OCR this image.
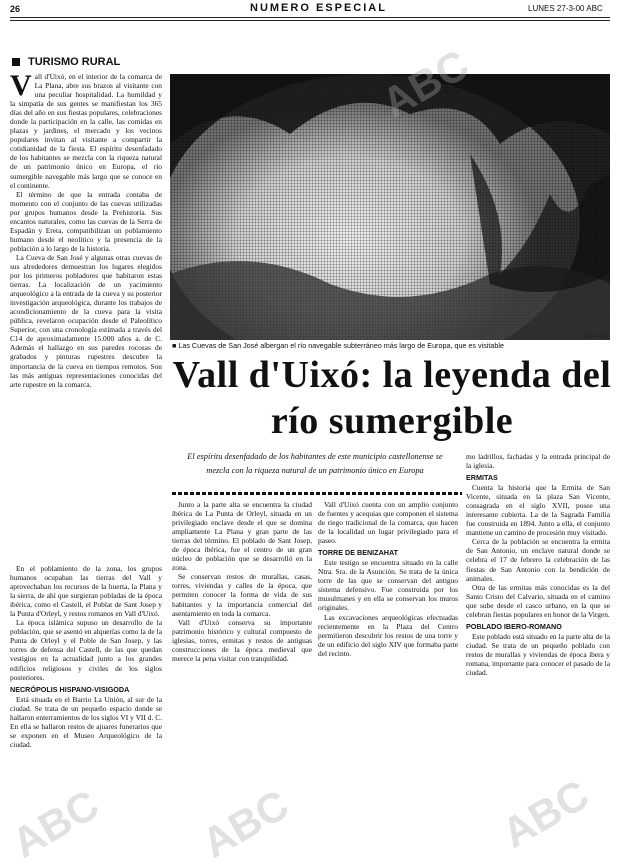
26	NUMERO ESPECIAL	LUNES 27-3-00 ABC
TURISMO RURAL

Vall d'Uixó, en el interior de la comarca de La Plana, abre sus brazos al visitante con una peculiar hospitalidad. La humildad y la simpatía de sus gentes se manifiestan los 365 días del año en sus fiestas populares, celebraciones donde la participación en la calle, las comidas en plazas y jardines, el mercado y los vecinos populares invitan al visitante a compartir la cotidianidad de la fiesta. El espíritu desenfadado de los habitantes se mezcla con la riqueza natural de un patrimonio único en Europa, el río sumergible navegable más largo que se conoce en el continente.

El término de que la entrada contaba de momento con el conjunto de las cuevas utilizadas por grupos humanos desde la Prehistoria. Sus encantos naturales, como las cuevas de la Serra de Espadán y Ereta, compatibilizan un poblamiento humano desde el neolítico y la presencia de la población a lo largo de la historia.

La Cueva de San José y algunas otras cuevas de sus alrededores demuestran los lugares elegidos por los primeros pobladores que habitaron estas tierras. La localización de un yacimiento arqueológico a la entrada de la cueva y su posterior investigación arqueológica, durante los trabajos de acondicionamiento de la cueva para la visita pública, revelaron ocupación desde el Paleolítico Superior, con una cronología estimada a través del C14 de aproximadamente 15.000 años a. de C. Además el hallazgo en sus paredes rocosas de grabados y pinturas rupestres descubre la importancia de la cueva en tiempos remotos. Son las más antiguas representaciones conocidas del arte rupestre en la comarca.

En el poblamiento de la zona, los grupos humanos ocupaban las tierras del Vall y aprovechaban los recursos de la huerta, la Plana y la sierra, de ahí que surgieran pobladas de la época ibérica, como el Castell, el Poblat de Sant Josep y la Punta d'Orleyl, y restos romanos en Vall d'Uixó.

La época islámica supuso un desarrollo de la población, que se asentó en alquerías como la de la Punta de Orleyl y el Poble de San Josep, y las torres de defensa del Castell, de las que quedan vestigios en la actualidad junto a los grandes edificios religiosos y civiles de los siglos posteriores.

NECRÓPOLIS HISPANO-VISIGODA

Está situada en el Barrio La Unión, al sur de la ciudad. Se trata de un pequeño espacio donde se hallaron enterramientos de los siglos VI y VII d. C. En ella se hallaron restos de ajuares funerarios que se exponen en el Museo Arqueológico de la ciudad.

Fadel ABC
■ Las Cuevas de San José albergan el río navegable subterráneo más largo de Europa, que es visitable
Vall d'Uixó: la leyenda del río sumergible
El espíritu desenfadado de los habitantes de este municipio castellonense se mezcla con la riqueza natural de un patrimonio único en Europa

Junto a la parte alta se encuentra la ciudad ibérica de La Punta de Orleyl, situada en un privilegiado enclave desde el que se domina ampliamente La Plana y gran parte de las tierras del término. El poblado de Sant Josep, de época ibérica, fue el centro de un gran núcleo de población que se desarrolló en la zona.

Se conservan restos de murallas, casas, torres, viviendas y calles de la época, que permiten conocer la forma de vida de sus habitantes y la importancia comercial del asentamiento en toda la comarca.

Vall d'Uixó conserva su importante patrimonio histórico y cultural compuesto de iglesias, torres, ermitas y restos de antiguas construcciones de la época medieval que merece la pena visitar con tranquilidad.

Vall d'Uixó cuenta con un amplio conjunto de fuentes y acequias que componen el sistema de riego tradicional de la comarca, que hacen de la localidad un lugar privilegiado para el paseo.

TORRE DE BENIZAHAT

Este testigo se encuentra situado en la calle Ntra. Sra. de la Asunción. Se trata de la única torre de las que se conservan del antiguo sistema defensivo. Fue construida por los musulmanes y en ella se conservan los muros originales.

Las excavaciones arqueológicas efectuadas recientemente en la Plaza del Centro permitieron descubrir los restos de una torre y de un edificio del siglo XIV que formaba parte del recinto.

mo ladrillos, fachadas y la entrada principal de la iglesia.

ERMITAS

Cuenta la historia que la Ermita de San Vicente, situada en la plaza San Vicente, consagrada en el siglo XVII, posee una interesante cubierta. La de la Sagrada Familia fue construida en 1894. Junto a ella, el conjunto mantiene un camino de procesión muy visitado.

Cerca de la población se encuentra la ermita de San Antonio, un enclave natural donde se celebra el 17 de febrero la celebración de las fiestas de San Antonio con la bendición de animales.

Otra de las ermitas más conocidas es la del Santo Cristo del Calvario, situada en el camino que sube desde el casco urbano, en la que se celebran fiestas populares en honor de la Virgen.

POBLADO IBERO-ROMANO

Este poblado está situado en la parte alta de la ciudad. Se trata de un pequeño poblado con restos de murallas y viviendas de época ibera y romana, importante para conocer el pasado de la ciudad.

ABC
ABC	ABC
ABC
